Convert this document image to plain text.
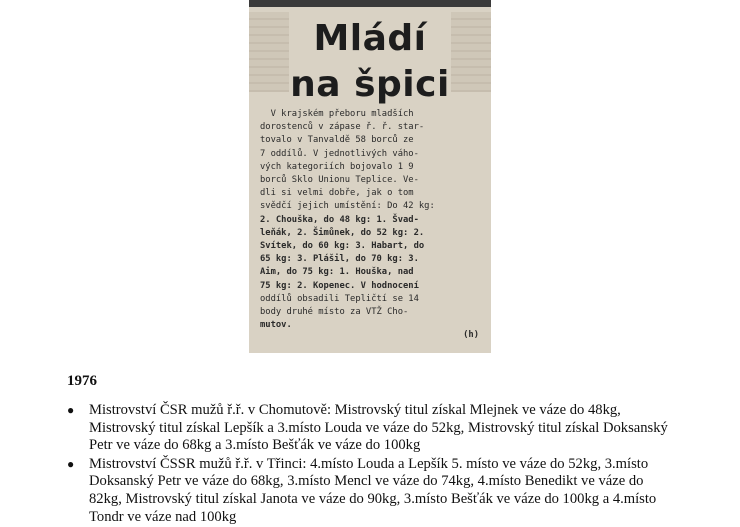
Mládí
na špici
V krajském přeboru mladších
dorostenců v zápase ř. ř. star-
tovalo v Tanvaldě 58 borců ze
7 oddílů. V jednotlivých váho-
vých kategoriích bojovalo 1 9
borců Sklo Unionu Teplice. Ve-
dli si velmi dobře, jak o tom
svědčí jejich umístění: Do 42 kg:
2. Chouška, do 48 kg: 1. Švad-
leňák, 2. Šimůnek, do 52 kg: 2.
Svítek, do 60 kg: 3. Habart, do
65 kg: 3. Plášil, do 70 kg: 3.
Aim, do 75 kg: 1. Houška, nad
75 kg: 2. Kopenec. V hodnocení
oddílů obsadili Tepličtí se 14
body druhé místo za VTŽ Cho-
mutov.
(h)
1976
● Mistrovství ČSR mužů ř.ř. v Chomutově: Mistrovský titul získal Mlejnek ve váze do 48kg, Mistrovský titul získal Lepšík a 3.místo Louda ve váze do 52kg, Mistrovský titul získal Doksanský Petr ve váze do 68kg a 3.místo Bešťák ve váze do 100kg
● Mistrovství ČSSR mužů ř.ř. v Třinci: 4.místo Louda a Lepšík 5. místo ve váze do 52kg, 3.místo Doksanský Petr ve váze do 68kg, 3.místo Mencl ve váze do 74kg, 4.místo Benedikt ve váze do 82kg, Mistrovský titul získal Janota ve váze do 90kg, 3.místo Bešťák ve váze do 100kg a 4.místo Tondr ve váze nad 100kg
